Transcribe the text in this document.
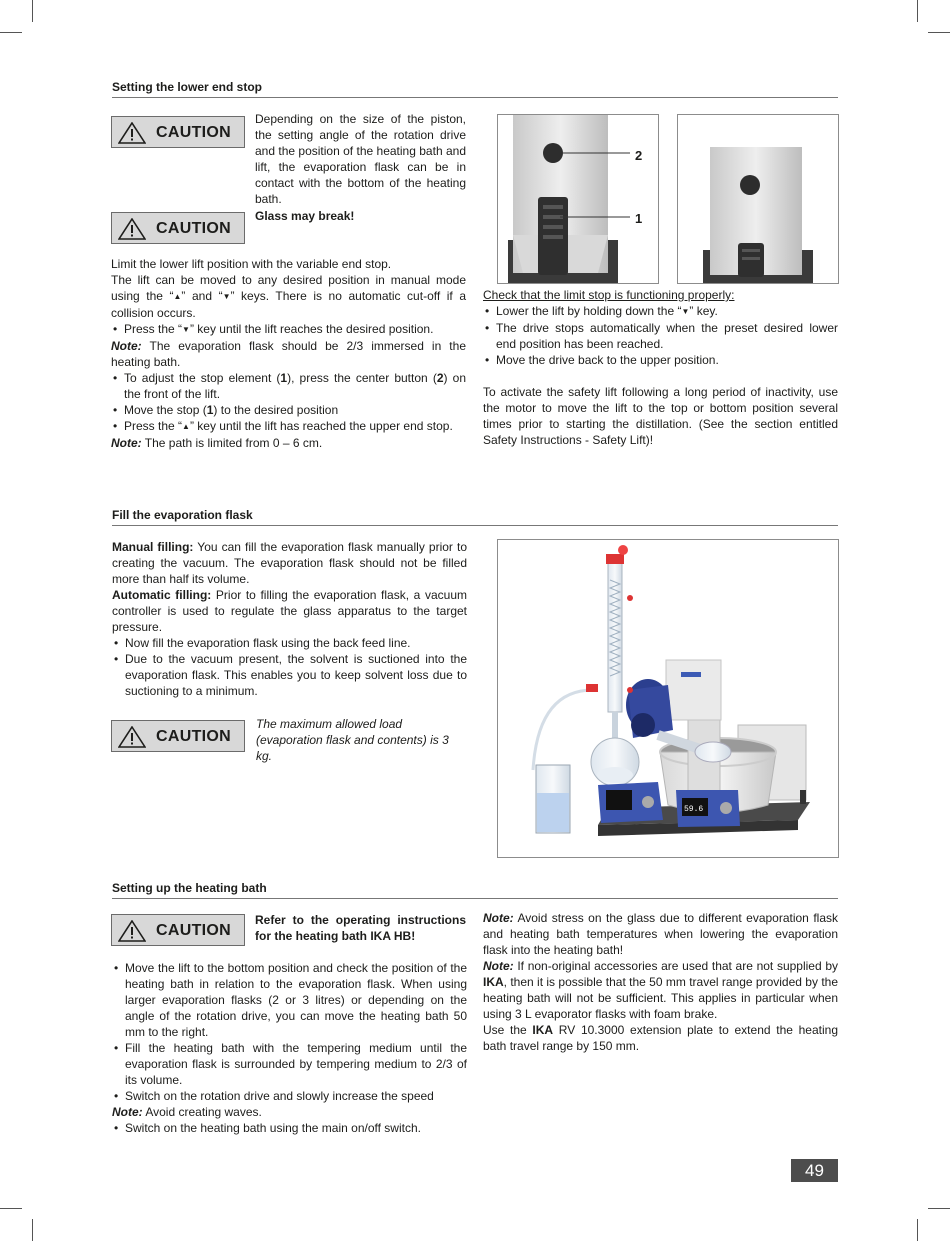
Setting the lower end stop
CAUTION

Depending on the size of the piston, the setting angle of the rotation drive and the position of the heating bath and lift, the evaporation flask can be in contact with the bottom of the heating bath.

CAUTION

Glass may break!

Limit the lower lift position with the variable end stop.

The lift can be moved to any desired position in manual mode using the “▲” and “▼” keys. There is no automatic cut-off if a collision occurs.

• Press the “▼” key until the lift reaches the desired position.

Note: The evaporation flask should be 2/3 immersed in the heating bath.

• To adjust the stop element (1), press the center button (2) on the front of the lift.
• Move the stop (1) to the desired position
• Press the “▲” key until the lift has reached the upper end stop.

Note: The path is limited from 0 – 6 cm.

2
1

Check that the limit stop is functioning properly:

• Lower the lift by holding down the “▼” key.
• The drive stops automatically when the preset desired lower end position has been reached.
• Move the drive back to the upper position.

To activate the safety lift following a long period of inactivity, use the motor to move the lift to the top or bottom position several times prior to starting the distillation. (See the section entitled Safety Instructions - Safety Lift)!

Fill the evaporation flask

Manual filling: You can fill the evaporation flask manually prior to creating the vacuum. The evaporation flask should not be filled more than half its volume.

Automatic filling: Prior to filling the evaporation flask, a vacuum controller is used to regulate the glass apparatus to the target pressure.

• Now fill the evaporation flask using the back feed line.
• Due to the vacuum present, the solvent is suctioned into the evaporation flask. This enables you to keep solvent loss due to suctioning to a minimum.
CAUTION

The maximum allowed load (evaporation flask and contents) is 3 kg.

59.6
Setting up the heating bath
CAUTION

Refer to the operating instructions for the heating bath IKA HB!

• Move the lift to the bottom position and check the position of the heating bath in relation to the evaporation flask. When using larger evaporation flasks (2 or 3 litres) or depending on the angle of the rotation drive, you can move the heating bath 50 mm to the right.
• Fill the heating bath with the tempering medium until the evaporation flask is surrounded by tempering medium to 2/3 of its volume.
• Switch on the rotation drive and slowly increase the speed

Note: Avoid creating waves.

• Switch on the heating bath using the main on/off switch.

Note: Avoid stress on the glass due to different evaporation flask and heating bath temperatures when lowering the evaporation flask into the heating bath!

Note: If non-original accessories are used that are not supplied by IKA, then it is possible that the 50 mm travel range provided by the heating bath will not be sufficient. This applies in particular when using 3 L evaporator flasks with foam brake.

Use the IKA RV 10.3000 extension plate to extend the heating bath travel range by 150 mm.

49
